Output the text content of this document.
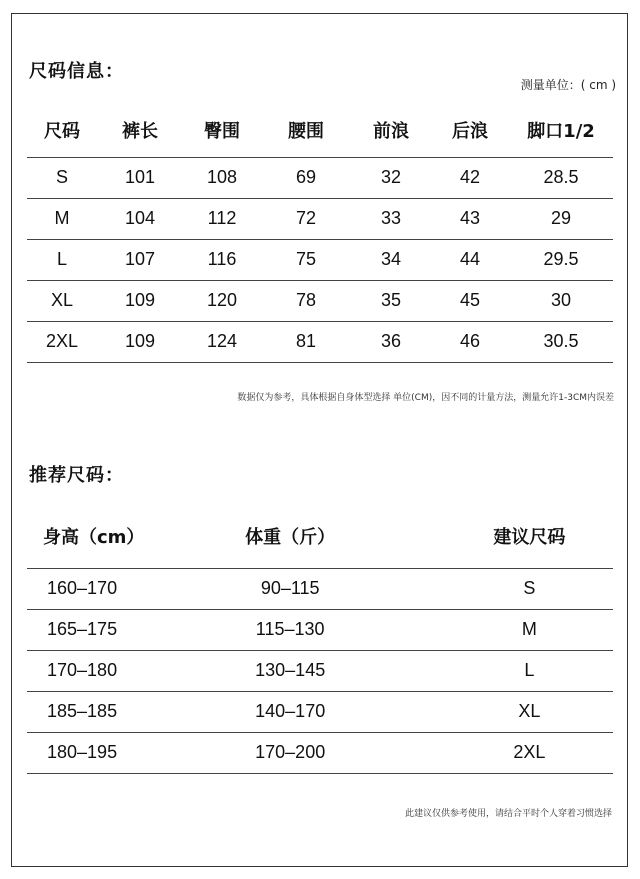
尺码信息：
测量单位：( cm )
尺码	裤长	臀围	腰围	前浪	后浪	脚口1/2
S	101	108	69	32	42	28.5
M	104	112	72	33	43	29
L	107	116	75	34	44	29.5
XL	109	120	78	35	45	30
2XL	109	124	81	36	46	30.5
数据仅为参考，具体根据自身体型选择 单位(CM)，因不同的计量方法，测量允许1-3CM内误差
推荐尺码：
身高（cm）	体重（斤）	建议尺码
160–170	90–115	S
165–175	115–130	M
170–180	130–145	L
185–185	140–170	XL
180–195	170–200	2XL
此建议仅供参考使用，请结合平时个人穿着习惯选择
